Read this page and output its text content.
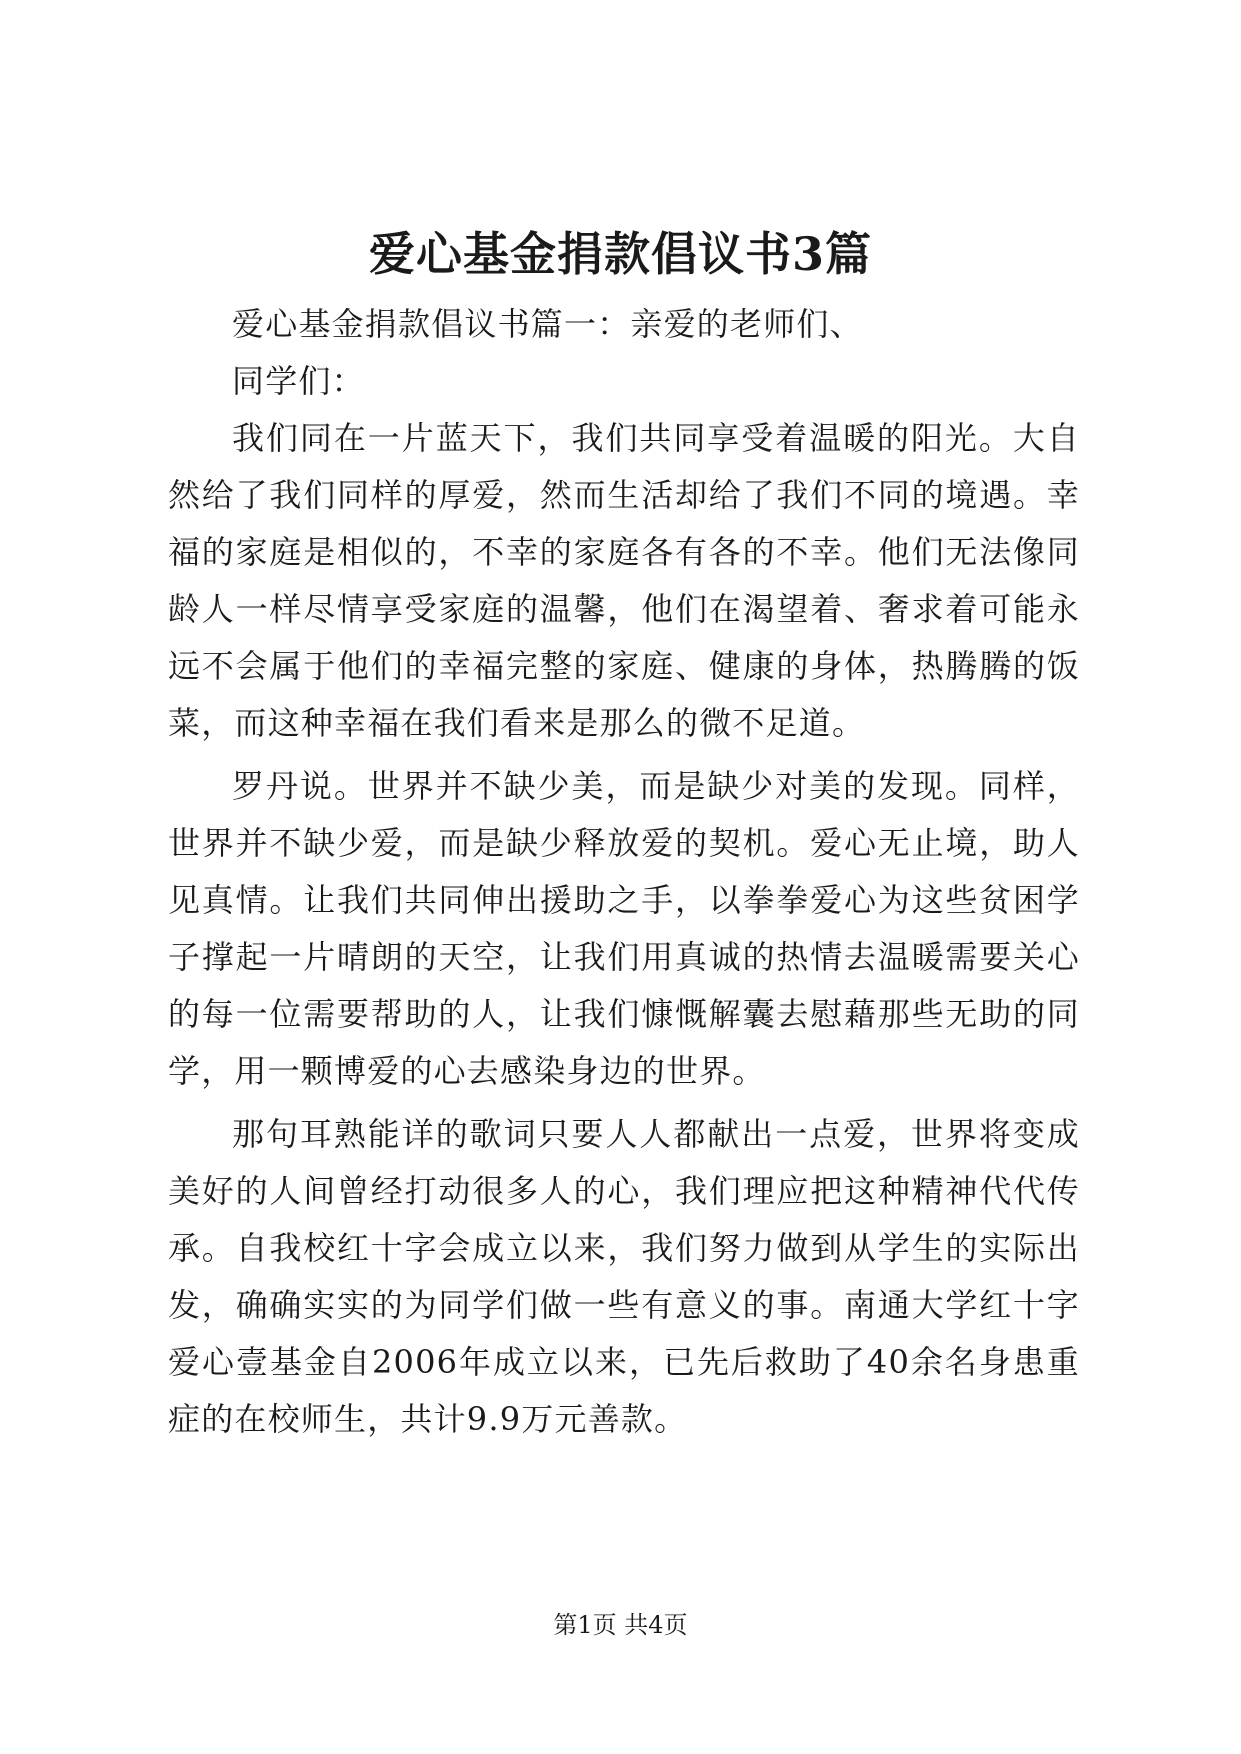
爱心基金捐款倡议书3篇

爱心基金捐款倡议书篇一：亲爱的老师们、

同学们：

我们同在一片蓝天下，我们共同享受着温暖的阳光。大自然给了我们同样的厚爱，然而生活却给了我们不同的境遇。幸福的家庭是相似的，不幸的家庭各有各的不幸。他们无法像同龄人一样尽情享受家庭的温馨，他们在渴望着、奢求着可能永远不会属于他们的幸福完整的家庭、健康的身体，热腾腾的饭菜，而这种幸福在我们看来是那么的微不足道。

罗丹说。世界并不缺少美，而是缺少对美的发现。同样，世界并不缺少爱，而是缺少释放爱的契机。爱心无止境，助人见真情。让我们共同伸出援助之手，以拳拳爱心为这些贫困学子撑起一片晴朗的天空，让我们用真诚的热情去温暖需要关心的每一位需要帮助的人，让我们慷慨解囊去慰藉那些无助的同学，用一颗博爱的心去感染身边的世界。

那句耳熟能详的歌词只要人人都献出一点爱，世界将变成美好的人间曾经打动很多人的心，我们理应把这种精神代代传承。自我校红十字会成立以来，我们努力做到从学生的实际出发，确确实实的为同学们做一些有意义的事。南通大学红十字爱心壹基金自2006年成立以来，已先后救助了40余名身患重症的在校师生，共计9.9万元善款。

第1页 共4页
